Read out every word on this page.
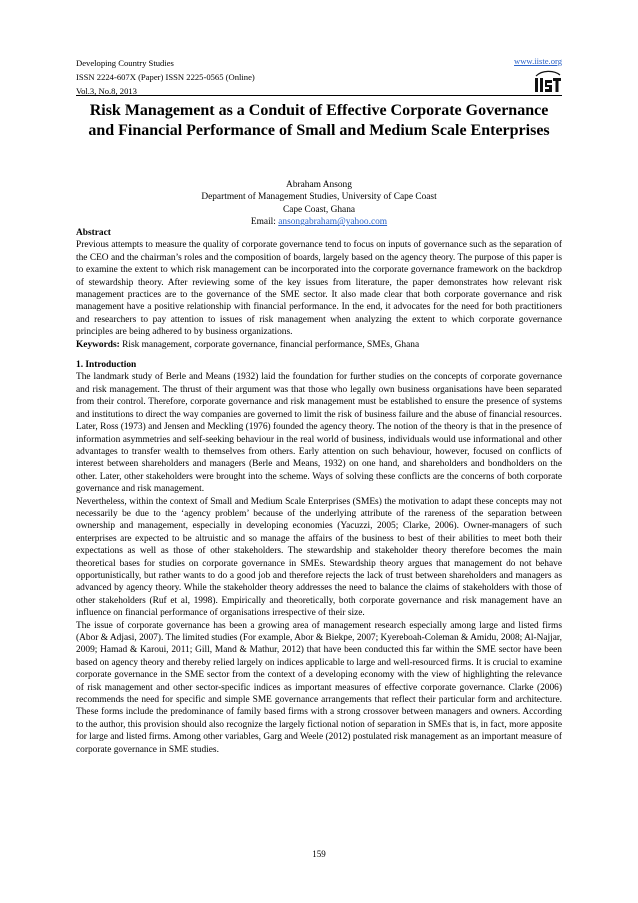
Developing Country Studies
ISSN 2224-607X (Paper) ISSN 2225-0565 (Online)
Vol.3, No.8, 2013
www.iiste.org
Risk Management as a Conduit of Effective Corporate Governance and Financial Performance of Small and Medium Scale Enterprises
Abraham Ansong
Department of Management Studies, University of Cape Coast
Cape Coast, Ghana
Email: ansongabraham@yahoo.com

Abstract

Previous attempts to measure the quality of corporate governance tend to focus on inputs of governance such as the separation of the CEO and the chairman’s roles and the composition of boards, largely based on the agency theory. The purpose of this paper is to examine the extent to which risk management can be incorporated into the corporate governance framework on the backdrop of stewardship theory. After reviewing some of the key issues from literature, the paper demonstrates how relevant risk management practices are to the governance of the SME sector. It also made clear that both corporate governance and risk management have a positive relationship with financial performance. In the end, it advocates for the need for both practitioners and researchers to pay attention to issues of risk management when analyzing the extent to which corporate governance principles are being adhered to by business organizations.

Keywords: Risk management, corporate governance, financial performance, SMEs, Ghana

1. Introduction

The landmark study of Berle and Means (1932) laid the foundation for further studies on the concepts of corporate governance and risk management. The thrust of their argument was that those who legally own business organisations have been separated from their control. Therefore, corporate governance and risk management must be established to ensure the presence of systems and institutions to direct the way companies are governed to limit the risk of business failure and the abuse of financial resources.

Later, Ross (1973) and Jensen and Meckling (1976) founded the agency theory. The notion of the theory is that in the presence of information asymmetries and self-seeking behaviour in the real world of business, individuals would use informational and other advantages to transfer wealth to themselves from others. Early attention on such behaviour, however, focused on conflicts of interest between shareholders and managers (Berle and Means, 1932) on one hand, and shareholders and bondholders on the other. Later, other stakeholders were brought into the scheme. Ways of solving these conflicts are the concerns of both corporate governance and risk management.

Nevertheless, within the context of Small and Medium Scale Enterprises (SMEs) the motivation to adapt these concepts may not necessarily be due to the ‘agency problem’ because of the underlying attribute of the rareness of the separation between ownership and management, especially in developing economies (Yacuzzi, 2005; Clarke, 2006). Owner-managers of such enterprises are expected to be altruistic and so manage the affairs of the business to best of their abilities to meet both their expectations as well as those of other stakeholders. The stewardship and stakeholder theory therefore becomes the main theoretical bases for studies on corporate governance in SMEs. Stewardship theory argues that management do not behave opportunistically, but rather wants to do a good job and therefore rejects the lack of trust between shareholders and managers as advanced by agency theory. While the stakeholder theory addresses the need to balance the claims of stakeholders with those of other stakeholders (Ruf et al, 1998). Empirically and theoretically, both corporate governance and risk management have an influence on financial performance of organisations irrespective of their size.

The issue of corporate governance has been a growing area of management research especially among large and listed firms (Abor & Adjasi, 2007). The limited studies (For example, Abor & Biekpe, 2007; Kyereboah-Coleman & Amidu, 2008; Al-Najjar, 2009; Hamad & Karoui, 2011; Gill, Mand & Mathur, 2012) that have been conducted this far within the SME sector have been based on agency theory and thereby relied largely on indices applicable to large and well-resourced firms. It is crucial to examine corporate governance in the SME sector from the context of a developing economy with the view of highlighting the relevance of risk management and other sector-specific indices as important measures of effective corporate governance. Clarke (2006) recommends the need for specific and simple SME governance arrangements that reflect their particular form and architecture. These forms include the predominance of family based firms with a strong crossover between managers and owners. According to the author, this provision should also recognize the largely fictional notion of separation in SMEs that is, in fact, more apposite for large and listed firms. Among other variables, Garg and Weele (2012) postulated risk management as an important measure of corporate governance in SME studies.

159
